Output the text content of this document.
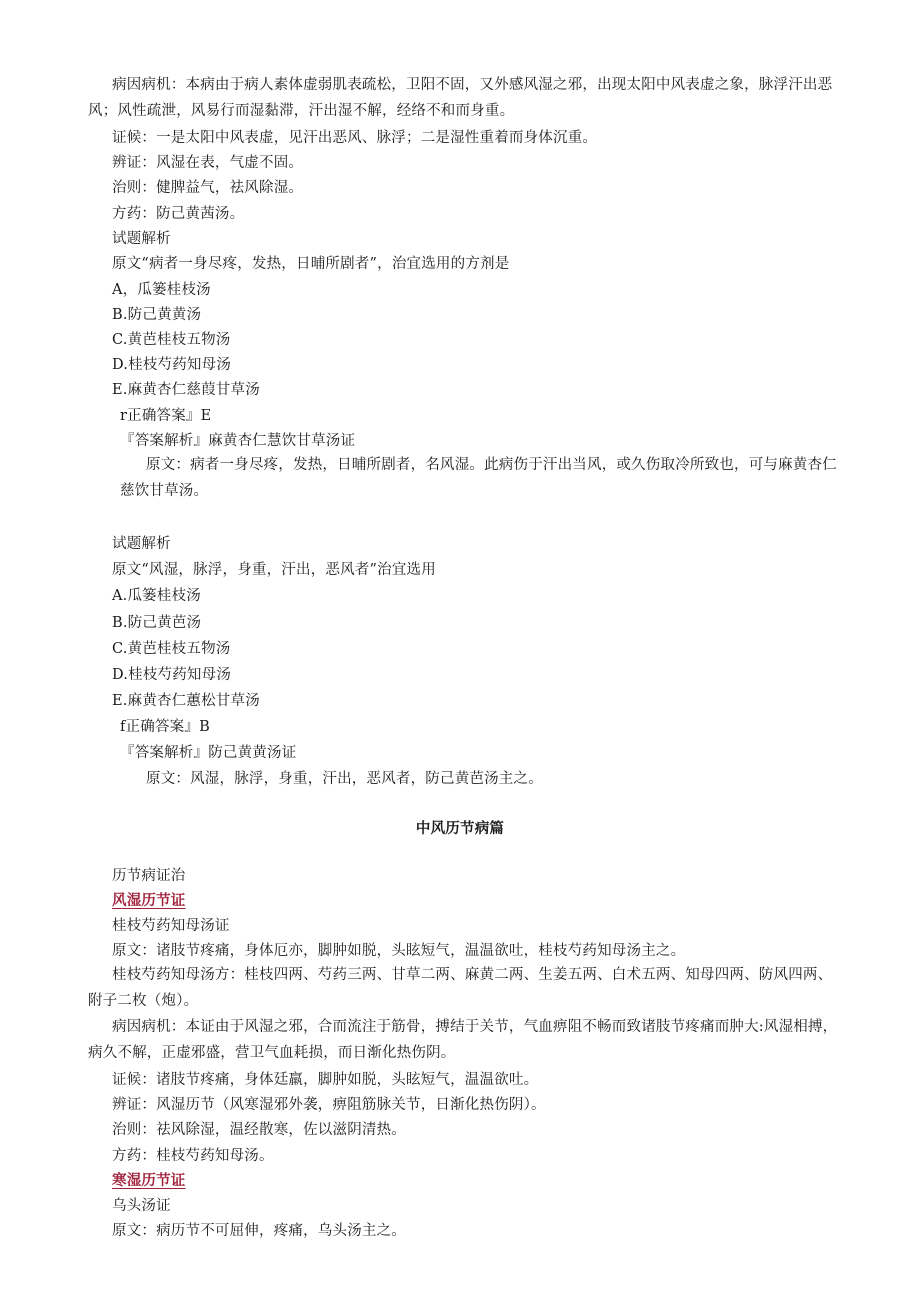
病因病机：本病由于病人素体虚弱肌表疏松，卫阳不固，又外感风湿之邪，出现太阳中风表虚之象，脉浮汗出恶风；风性疏泄，风易行而湿黏滞，汗出湿不解，经络不和而身重。
证候：一是太阳中风表虚，见汗出恶风、脉浮；二是湿性重着而身体沉重。
辨证：风湿在表，气虚不固。
治则：健脾益气，祛风除湿。
方药：防己黄茜汤。
试题解析
原文“病者一身尽疼，发热，日晡所剧者”，治宜选用的方剂是
A，瓜篓桂枝汤
B.防己黄黄汤
C.黄芭桂枝五物汤
D.桂枝芍药知母汤
E.麻黄杏仁慈葭甘草汤
r正确答案』E
『答案解析』麻黄杏仁慧饮甘草汤证
原文：病者一身尽疼，发热，日晡所剧者，名风湿。此病伤于汗出当风，或久伤取冷所致也，可与麻黄杏仁慈饮甘草汤。
试题解析
原文“风湿，脉浮，身重，汗出，恶风者”治宜选用
A.瓜篓桂枝汤
B.防己黄芭汤
C.黄芭桂枝五物汤
D.桂枝芍药知母汤
E.麻黄杏仁蕙松甘草汤
f正确答案』B
『答案解析』防己黄黄汤证
原文：风湿，脉浮，身重，汗出，恶风者，防己黄芭汤主之。
中风历节病篇
历节病证治
风湿历节证
桂枝芍药知母汤证
原文：诸肢节疼痛，身体厄亦，脚肿如脱，头眩短气，温温欲吐，桂枝芍药知母汤主之。
桂枝芍药知母汤方：桂枝四两、芍药三两、甘草二两、麻黄二两、生姜五两、白术五两、知母四两、防风四两、附子二枚（炮）。
病因病机：本证由于风湿之邪，合而流注于筋骨，搏结于关节，气血痹阻不畅而致诸肢节疼痛而肿大:风湿相搏，病久不解，正虚邪盛，营卫气血耗损，而日渐化热伤阴。
证候：诸肢节疼痛，身体廷羸，脚肿如脱，头眩短气，温温欲吐。
辨证：风湿历节（风寒湿邪外袭，痹阻筋脉关节，日渐化热伤阴）。
治则：祛风除湿，温经散寒，佐以滋阴清热。
方药：桂枝芍药知母汤。
寒湿历节证
乌头汤证
原文：病历节不可屈伸，疼痛，乌头汤主之。
